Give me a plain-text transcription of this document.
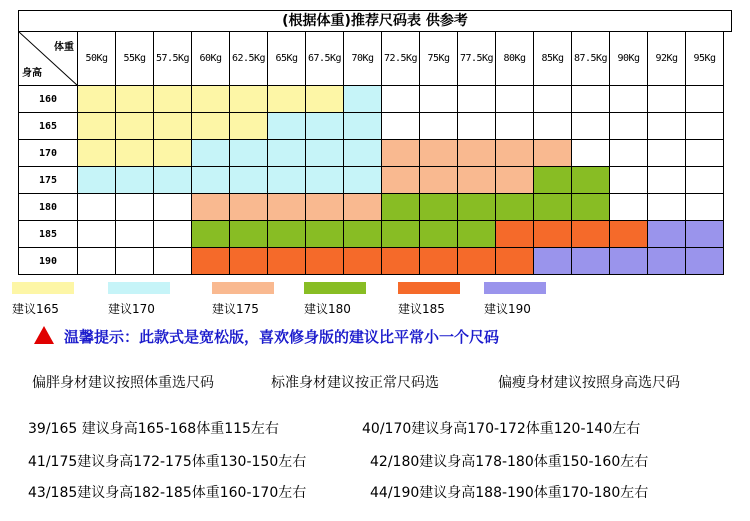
(根据体重)推荐尺码表 供参考
体重
身高	50Kg	55Kg	57.5Kg	60Kg	62.5Kg	65Kg	67.5Kg	70Kg	72.5Kg	75Kg	77.5Kg	80Kg	85Kg	87.5Kg	90Kg	92Kg	95Kg
160																	
165																	
170																	
175																	
180																	
185																	
190																	
建议165	建议170	建议175	建议180	建议185	建议190
温馨提示：此款式是宽松版，喜欢修身版的建议比平常小一个尺码
偏胖身材建议按照体重选尺码	标准身材建议按正常尺码选	偏瘦身材建议按照身高选尺码
39/165 建议身高165-168体重115左右	40/170建议身高170-172体重120-140左右
41/175建议身高172-175体重130-150左右	42/180建议身高178-180体重150-160左右
43/185建议身高182-185体重160-170左右	44/190建议身高188-190体重170-180左右
